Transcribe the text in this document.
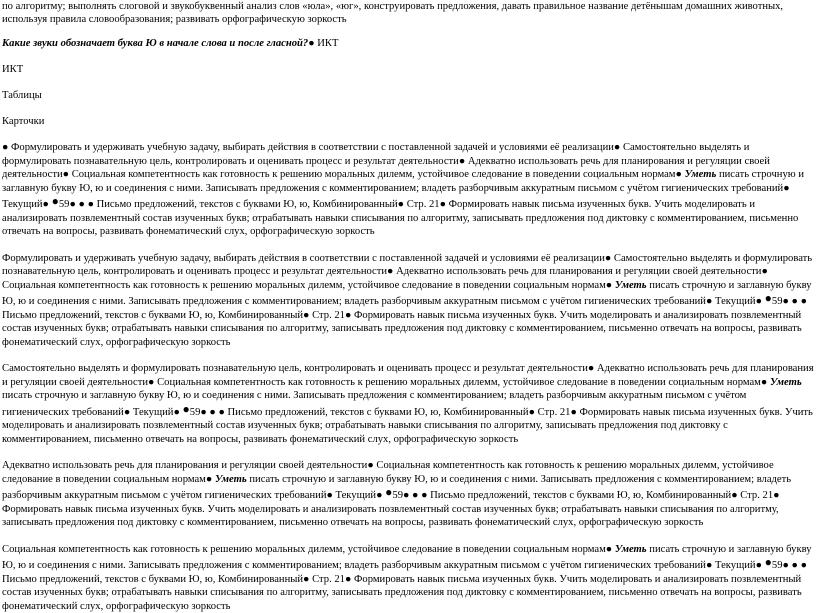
по алгоритму; выполнять слоговой и звукобуквенный анализ слов «юла», «юг», конструировать предложения, давать правильное название детёнышам домашних животных, используя правила словообразования; развивать орфографическую зоркость

Какие звуки обозначает буква Ю в начале слова и после гласной?● ИКТ

ИКТ

Таблицы

Карточки

● Формулировать и удерживать учебную задачу, выбирать действия в соответствии с поставленной задачей и условиями её реализации● Самостоятельно выделять и формулировать познавательную цель, контролировать и оценивать процесс и результат деятельности● Адекватно использовать речь для планирования и регуляции своей деятельности● Социальная компетентность как готовность к решению моральных дилемм, устойчивое следование в поведении социальным нормам● Уметь писать строчную и заглавную букву Ю, ю и соединения с ними. Записывать предложения с комментированием; владеть разборчивым аккуратным письмом с учётом гигиенических требований● Текущий● ●59● ● ● Письмо предложений, текстов с буквами Ю, ю, Комбинированный● Стр. 21● Формировать навык письма изученных букв. Учить моделировать и анализировать позвлементный состав изученных букв; отрабатывать навыки списывания по алгоритму, записывать предложения под диктовку с комментированием, письменно отвечать на вопросы, развивать фонематический слух, орфографическую зоркость

Формулировать и удерживать учебную задачу, выбирать действия в соответствии с поставленной задачей и условиями её реализации● Самостоятельно выделять и формулировать познавательную цель, контролировать и оценивать процесс и результат деятельности● Адекватно использовать речь для планирования и регуляции своей деятельности● Социальная компетентность как готовность к решению моральных дилемм, устойчивое следование в поведении социальным нормам● Уметь писать строчную и заглавную букву Ю, ю и соединения с ними. Записывать предложения с комментированием; владеть разборчивым аккуратным письмом с учётом гигиенических требований● Текущий● ●59● ● ● Письмо предложений, текстов с буквами Ю, ю, Комбинированный● Стр. 21● Формировать навык письма изученных букв. Учить моделировать и анализировать позвлементный состав изученных букв; отрабатывать навыки списывания по алгоритму, записывать предложения под диктовку с комментированием, письменно отвечать на вопросы, развивать фонематический слух, орфографическую зоркость

Самостоятельно выделять и формулировать познавательную цель, контролировать и оценивать процесс и результат деятельности● Адекватно использовать речь для планирования и регуляции своей деятельности● Социальная компетентность как готовность к решению моральных дилемм, устойчивое следование в поведении социальным нормам● Уметь писать строчную и заглавную букву Ю, ю и соединения с ними. Записывать предложения с комментированием; владеть разборчивым аккуратным письмом с учётом гигиенических требований● Текущий● ●59● ● ● Письмо предложений, текстов с буквами Ю, ю, Комбинированный● Стр. 21● Формировать навык письма изученных букв. Учить моделировать и анализировать позвлементный состав изученных букв; отрабатывать навыки списывания по алгоритму, записывать предложения под диктовку с комментированием, письменно отвечать на вопросы, развивать фонематический слух, орфографическую зоркость

Адекватно использовать речь для планирования и регуляции своей деятельности● Социальная компетентность как готовность к решению моральных дилемм, устойчивое следование в поведении социальным нормам● Уметь писать строчную и заглавную букву Ю, ю и соединения с ними. Записывать предложения с комментированием; владеть разборчивым аккуратным письмом с учётом гигиенических требований● Текущий● ●59● ● ● Письмо предложений, текстов с буквами Ю, ю, Комбинированный● Стр. 21● Формировать навык письма изученных букв. Учить моделировать и анализировать позвлементный состав изученных букв; отрабатывать навыки списывания по алгоритму, записывать предложения под диктовку с комментированием, письменно отвечать на вопросы, развивать фонематический слух, орфографическую зоркость

Социальная компетентность как готовность к решению моральных дилемм, устойчивое следование в поведении социальным нормам● Уметь писать строчную и заглавную букву Ю, ю и соединения с ними. Записывать предложения с комментированием; владеть разборчивым аккуратным письмом с учётом гигиенических требований● Текущий● ●59● ● ● Письмо предложений, текстов с буквами Ю, ю, Комбинированный● Стр. 21● Формировать навык письма изученных букв. Учить моделировать и анализировать позвлементный состав изученных букв; отрабатывать навыки списывания по алгоритму, записывать предложения под диктовку с комментированием, письменно отвечать на вопросы, развивать фонематический слух, орфографическую зоркость
